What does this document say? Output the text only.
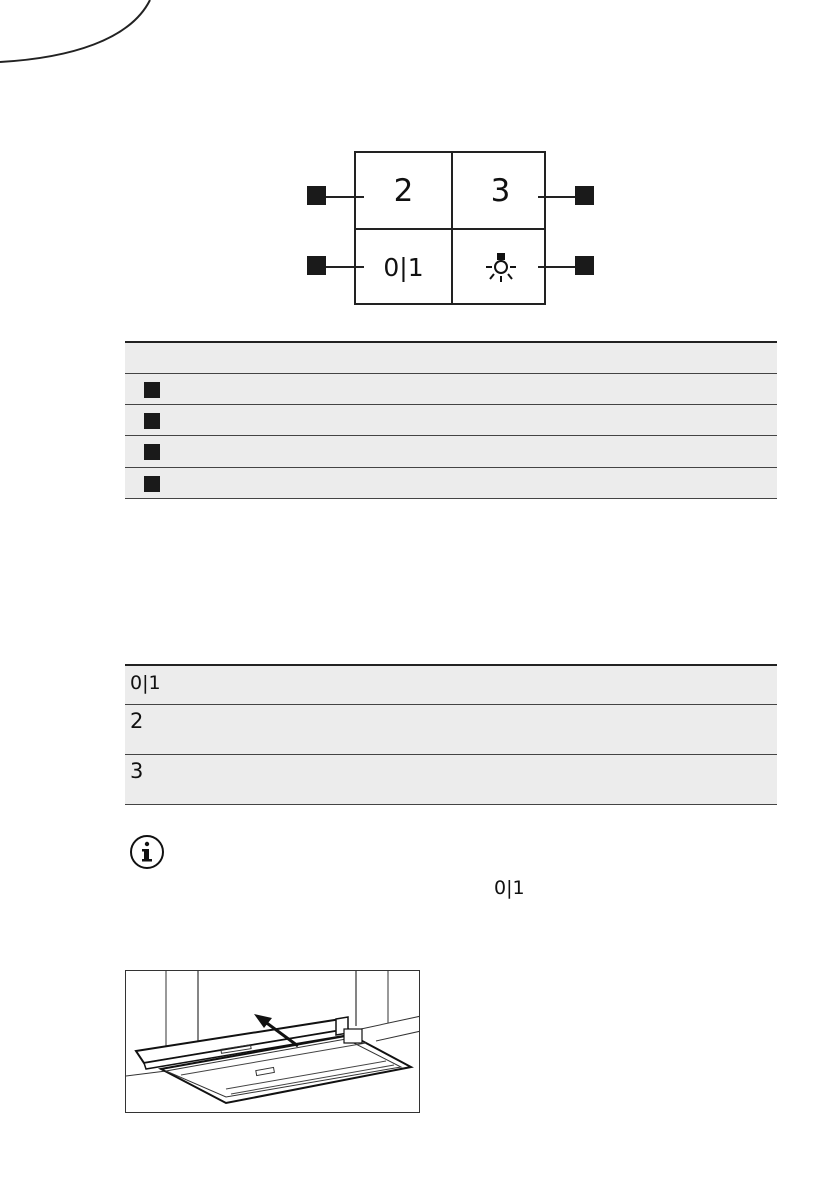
2 3
0|1
0|1
2
3
0|1
